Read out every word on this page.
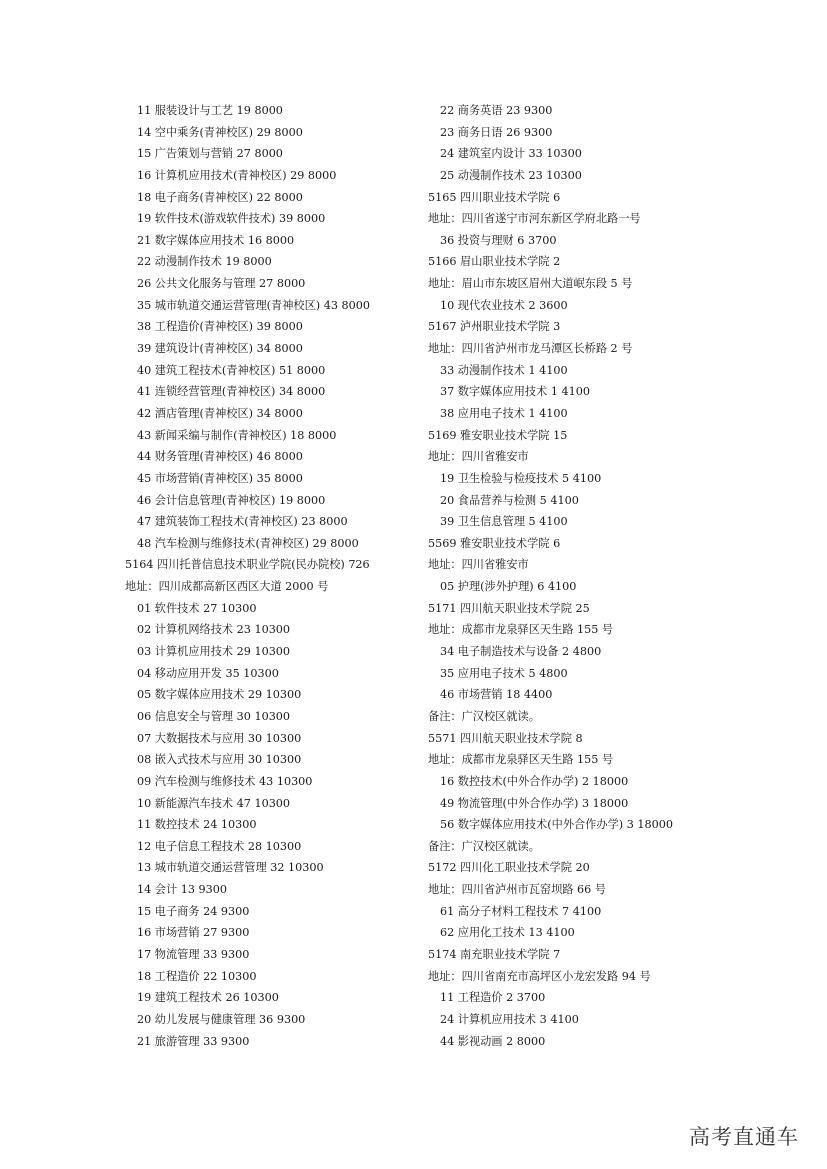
11 服装设计与工艺 19 8000
14 空中乘务(青神校区) 29 8000
15 广告策划与营销 27 8000
16 计算机应用技术(青神校区) 29 8000
18 电子商务(青神校区) 22 8000
19 软件技术(游戏软件技术) 39 8000
21 数字媒体应用技术 16 8000
22 动漫制作技术 19 8000
26 公共文化服务与管理 27 8000
35 城市轨道交通运营管理(青神校区) 43 8000
38 工程造价(青神校区) 39 8000
39 建筑设计(青神校区) 34 8000
40 建筑工程技术(青神校区) 51 8000
41 连锁经营管理(青神校区) 34 8000
42 酒店管理(青神校区) 34 8000
43 新闻采编与制作(青神校区) 18 8000
44 财务管理(青神校区) 46 8000
45 市场营销(青神校区) 35 8000
46 会计信息管理(青神校区) 19 8000
47 建筑装饰工程技术(青神校区) 23 8000
48 汽车检测与维修技术(青神校区) 29 8000
5164 四川托普信息技术职业学院(民办院校) 726
地址：四川成都高新区西区大道 2000 号
01 软件技术 27 10300
02 计算机网络技术 23 10300
03 计算机应用技术 29 10300
04 移动应用开发 35 10300
05 数字媒体应用技术 29 10300
06 信息安全与管理 30 10300
07 大数据技术与应用 30 10300
08 嵌入式技术与应用 30 10300
09 汽车检测与维修技术 43 10300
10 新能源汽车技术 47 10300
11 数控技术 24 10300
12 电子信息工程技术 28 10300
13 城市轨道交通运营管理 32 10300
14 会计 13 9300
15 电子商务 24 9300
16 市场营销 27 9300
17 物流管理 33 9300
18 工程造价 22 10300
19 建筑工程技术 26 10300
20 幼儿发展与健康管理 36 9300
21 旅游管理 33 9300
22 商务英语 23 9300
23 商务日语 26 9300
24 建筑室内设计 33 10300
25 动漫制作技术 23 10300
5165 四川职业技术学院 6
地址：四川省遂宁市河东新区学府北路一号
36 投资与理财 6 3700
5166 眉山职业技术学院 2
地址：眉山市东坡区眉州大道岷东段 5 号
10 现代农业技术 2 3600
5167 泸州职业技术学院 3
地址：四川省泸州市龙马潭区长桥路 2 号
33 动漫制作技术 1 4100
37 数字媒体应用技术 1 4100
38 应用电子技术 1 4100
5169 雅安职业技术学院 15
地址：四川省雅安市
19 卫生检验与检疫技术 5 4100
20 食品营养与检测 5 4100
39 卫生信息管理 5 4100
5569 雅安职业技术学院 6
地址：四川省雅安市
05 护理(涉外护理) 6 4100
5171 四川航天职业技术学院 25
地址：成都市龙泉驿区天生路 155 号
34 电子制造技术与设备 2 4800
35 应用电子技术 5 4800
46 市场营销 18 4400
备注：广汉校区就读。
5571 四川航天职业技术学院 8
地址：成都市龙泉驿区天生路 155 号
16 数控技术(中外合作办学) 2 18000
49 物流管理(中外合作办学) 3 18000
56 数字媒体应用技术(中外合作办学) 3 18000
备注：广汉校区就读。
5172 四川化工职业技术学院 20
地址：四川省泸州市瓦窑坝路 66 号
61 高分子材料工程技术 7 4100
62 应用化工技术 13 4100
5174 南充职业技术学院 7
地址：四川省南充市高坪区小龙宏发路 94 号
11 工程造价 2 3700
24 计算机应用技术 3 4100
44 影视动画 2 8000
高考直通车
